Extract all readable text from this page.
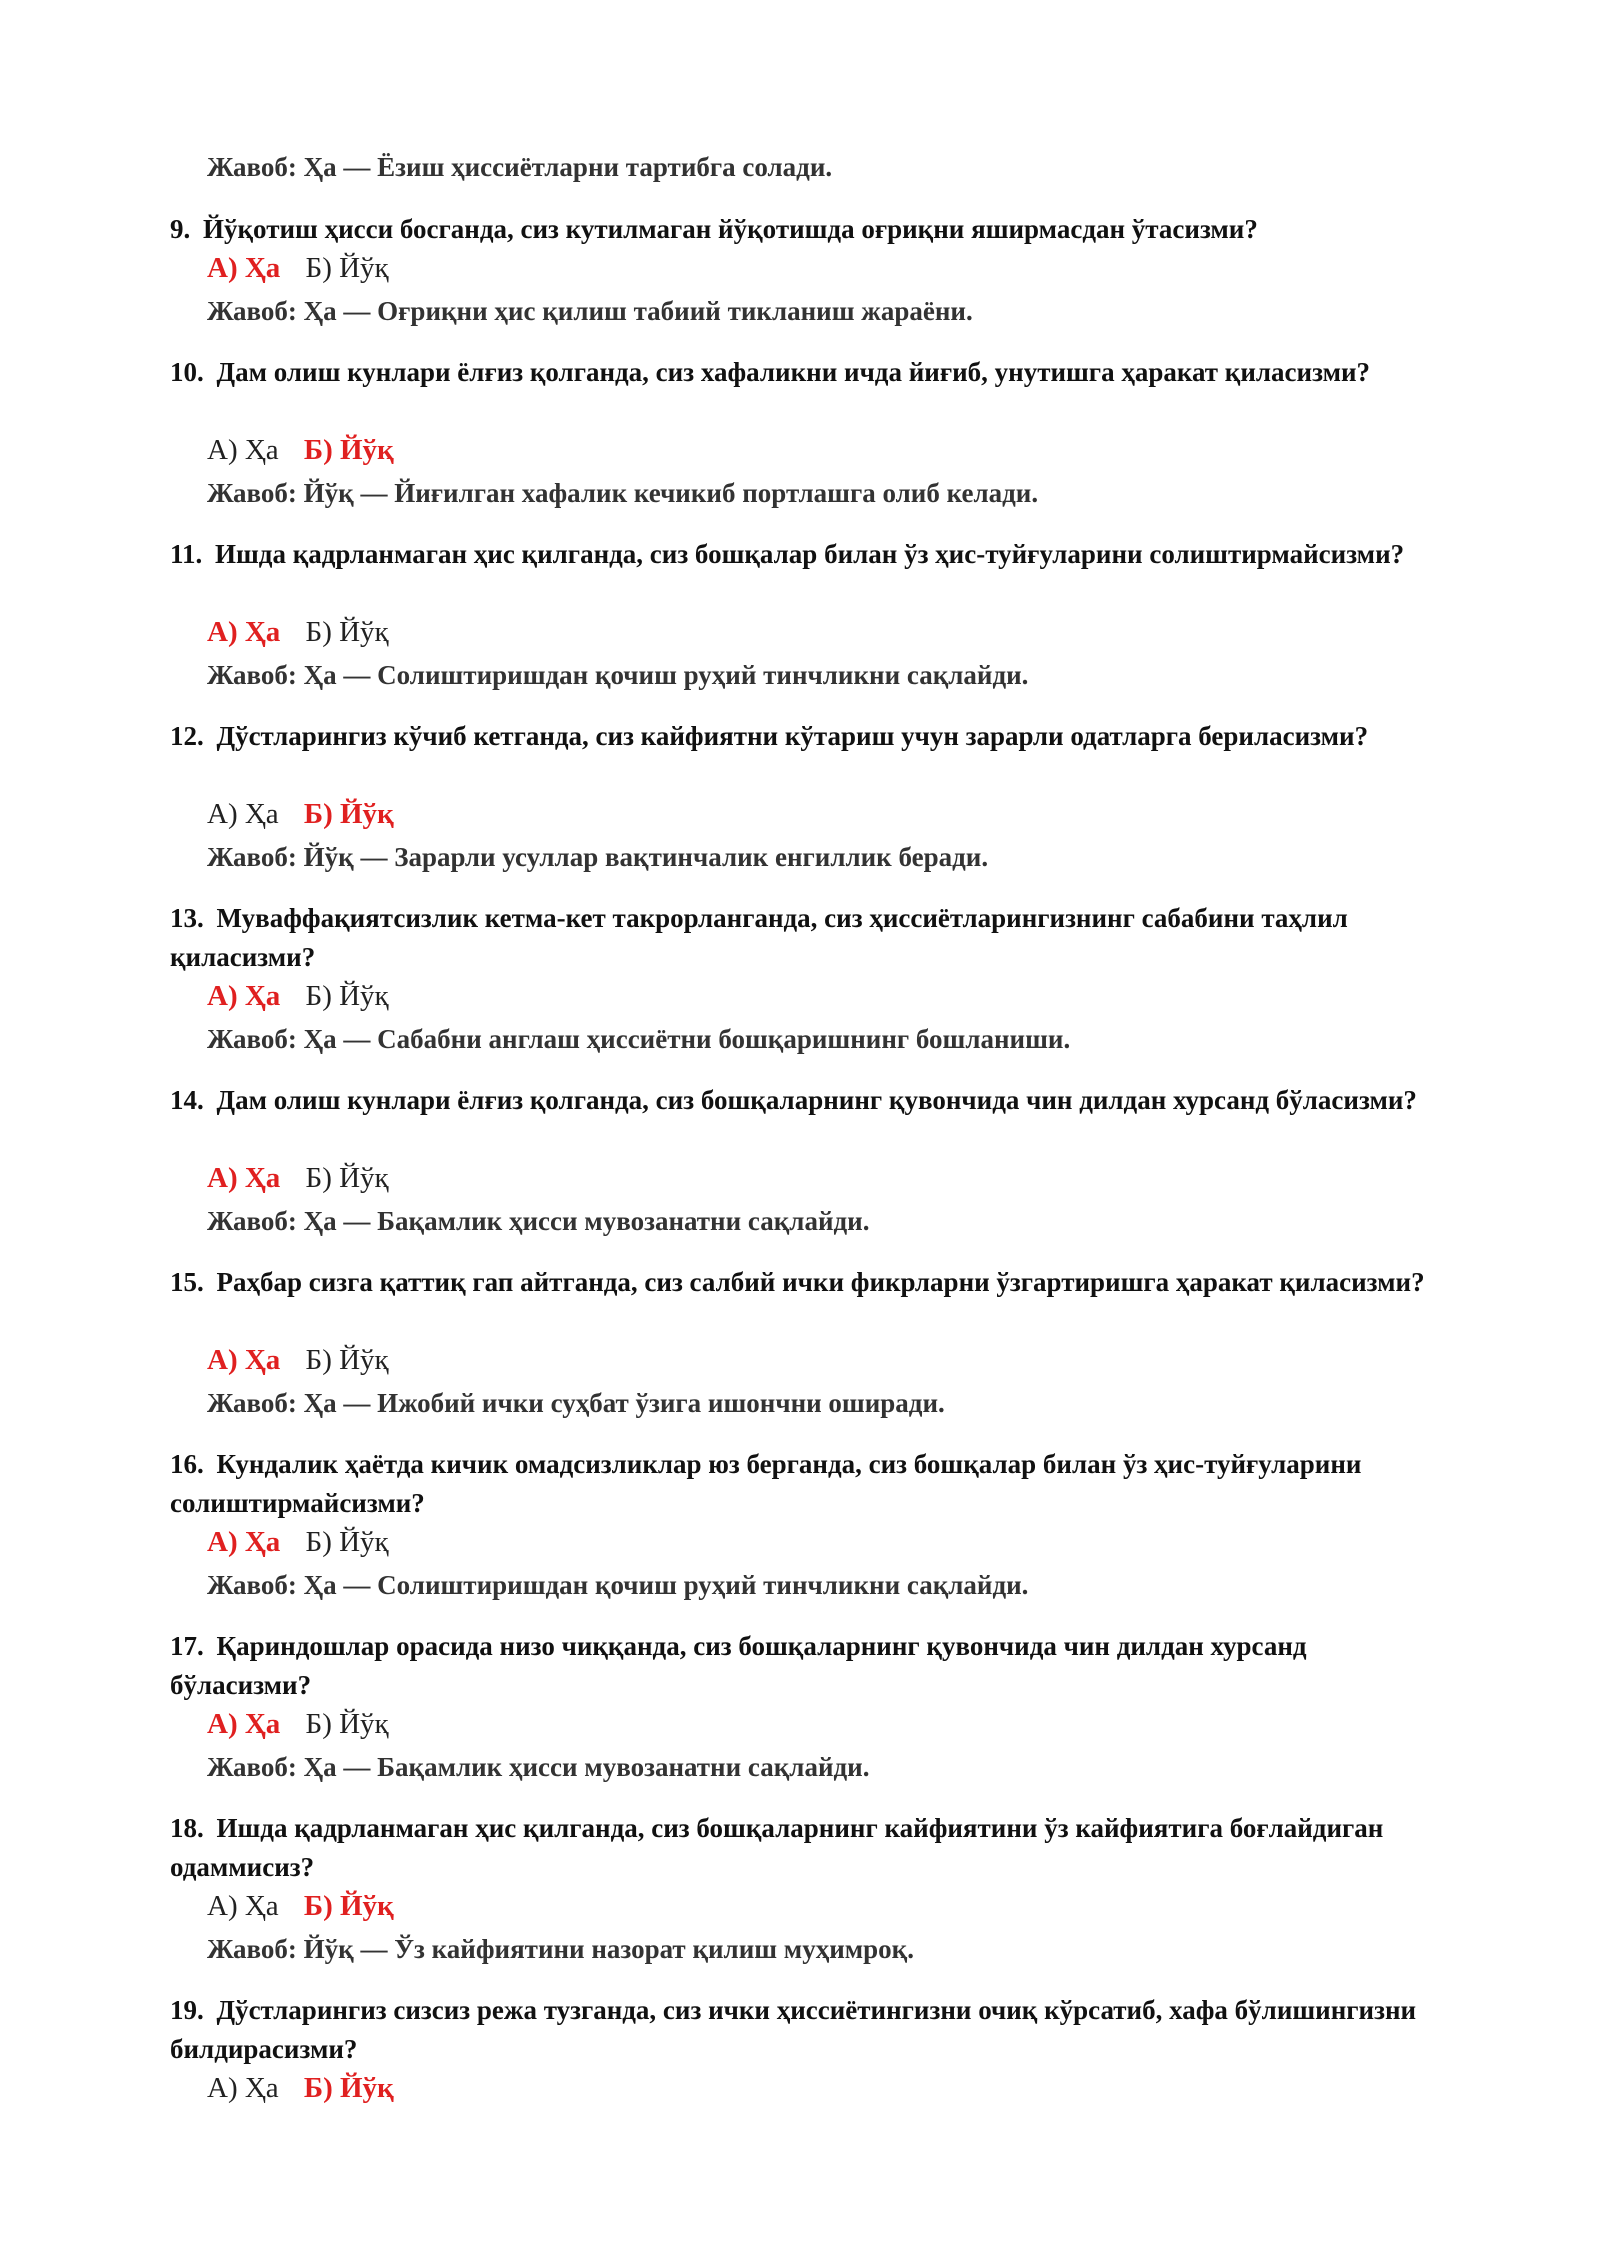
Жавоб: Ҳа — Ёзиш ҳиссиётларни тартибга солади.
9. Йўқотиш ҳисси босганда, сиз кутилмаган йўқотишда оғриқни яширмасдан ўтасизми?
А) Ҳа Б) Йўқ
Жавоб: Ҳа — Оғриқни ҳис қилиш табиий тикланиш жараёни.
10. Дам олиш кунлари ёлғиз қолганда, сиз хафаликни ичда йиғиб, унутишга ҳаракат қиласизми?
А) Ҳа Б) Йўқ
Жавоб: Йўқ — Йиғилган хафалик кечикиб портлашга олиб келади.
11. Ишда қадрланмаган ҳис қилганда, сиз бошқалар билан ўз ҳис-туйғуларини солиштирмайсизми?
А) Ҳа Б) Йўқ
Жавоб: Ҳа — Солиштиришдан қочиш руҳий тинчликни сақлайди.
12. Дўстларингиз кўчиб кетганда, сиз кайфиятни кўтариш учун зарарли одатларга бериласизми?
А) Ҳа Б) Йўқ
Жавоб: Йўқ — Зарарли усуллар вақтинчалик енгиллик беради.
13. Муваффақиятсизлик кетма-кет такрорланганда, сиз ҳиссиётларингизнинг сабабини таҳлил қиласизми?
А) Ҳа Б) Йўқ
Жавоб: Ҳа — Сабабни англаш ҳиссиётни бошқаришнинг бошланиши.
14. Дам олиш кунлари ёлғиз қолганда, сиз бошқаларнинг қувончида чин дилдан хурсанд бўласизми?
А) Ҳа Б) Йўқ
Жавоб: Ҳа — Бақамлик ҳисси мувозанатни сақлайди.
15. Раҳбар сизга қаттиқ гап айтганда, сиз салбий ички фикрларни ўзгартиришга ҳаракат қиласизми?
А) Ҳа Б) Йўқ
Жавоб: Ҳа — Ижобий ички суҳбат ўзига ишончни оширади.
16. Кундалик ҳаётда кичик омадсизликлар юз берганда, сиз бошқалар билан ўз ҳис-туйғуларини солиштирмайсизми?
А) Ҳа Б) Йўқ
Жавоб: Ҳа — Солиштиришдан қочиш руҳий тинчликни сақлайди.
17. Қариндошлар орасида низо чиққанда, сиз бошқаларнинг қувончида чин дилдан хурсанд бўласизми?
А) Ҳа Б) Йўқ
Жавоб: Ҳа — Бақамлик ҳисси мувозанатни сақлайди.
18. Ишда қадрланмаган ҳис қилганда, сиз бошқаларнинг кайфиятини ўз кайфиятига боғлайдиган одаммисиз?
А) Ҳа Б) Йўқ
Жавоб: Йўқ — Ўз кайфиятини назорат қилиш муҳимроқ.
19. Дўстларингиз сизсиз режа тузганда, сиз ички ҳиссиётингизни очиқ кўрсатиб, хафа бўлишингизни билдирасизми?
А) Ҳа Б) Йўқ
